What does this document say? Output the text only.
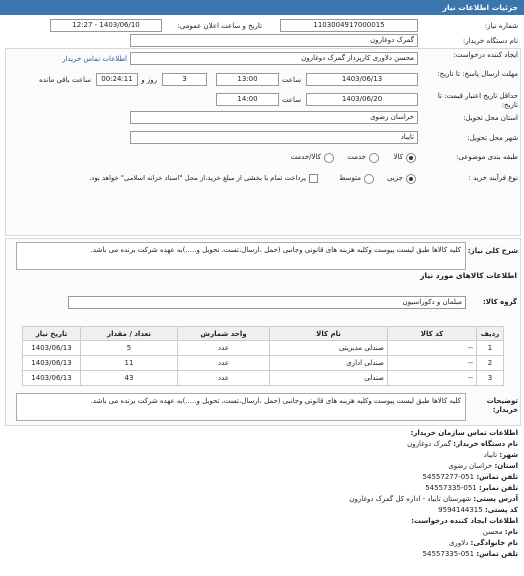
جزئیات اطلاعات نیاز
شماره نیاز:
1103004917000015
تاریخ و ساعت اعلان عمومی:
1403/06/10 - 12:27
نام دستگاه خریدار:
گمرک دوغارون
ایجاد کننده درخواست:
محسن دلاوری کارپرداز گمرک دوغارون
اطلاعات تماس خریدار
مهلت ارسال پاسخ: تا تاریخ:
1403/06/13
ساعت
13:00
3
روز و
00:24:11
ساعت باقی مانده
حداقل تاریخ اعتبار قیمت: تا تاریخ:
1403/06/20
ساعت
14:00
استان محل تحویل:
خراسان رضوی
شهر محل تحویل:
تایباد
طبقه بندی موضوعی:
کالا
خدمت
کالا/خدمت
نوع فرآیند خرید :
جزیی
متوسط
پرداخت تمام یا بخشی از مبلغ خرید،از محل "اسناد خزانه اسلامی" خواهد بود.
شرح کلی نیاز:
کلیه کالاها طبق لیست پیوست وکلیه هزینه های قانونی وجانبی (حمل ،ارسال،تست، تحویل و.....)به عهده شرکت برنده می باشد.
اطلاعات کالاهای مورد نیاز
گروه کالا:
مبلمان و دکوراسیون
ردیف	کد کالا	نام کالا	واحد شمارش	تعداد / مقدار	تاریخ نیاز
1	--	صندلی مدیریتی	عدد	5	1403/06/13
2	--	صندلی اداری	عدد	11	1403/06/13
3	--	صندلی	عدد	43	1403/06/13
توضیحات خریدار:
کلیه کالاها طبق لیست پیوست وکلیه هزینه های قانونی وجانبی (حمل ،ارسال،تست، تحویل و.....)به عهده شرکت برنده می باشد.
اطلاعات تماس سازمان خریدار:
نام دستگاه خریدار: گمرک دوغارون
شهر: تایباد
استان: خراسان رضوی
تلفن تماس: 051-54557277
تلفن نمابر: 051-54557335
آدرس پستی: شهرستان تایباد - اداره کل گمرک دوغارون
کد پستی: 9594144315
اطلاعات ایجاد کننده درخواست:
نام: محسن
نام خانوادگی: دلاوری
تلفن تماس: 051-54557335
